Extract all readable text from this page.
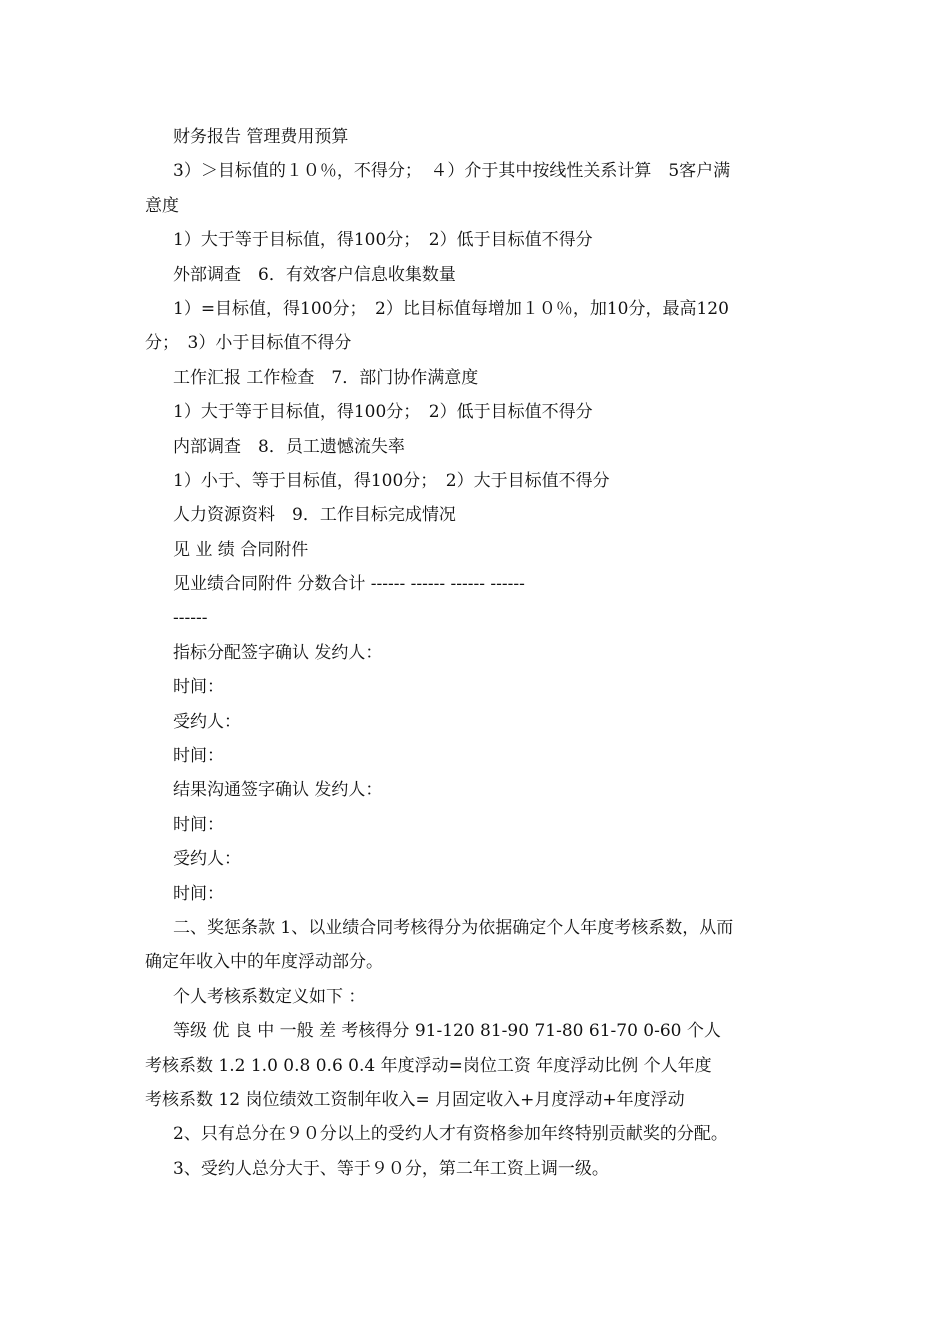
财务报告 管理费用预算
3）＞目标值的１０％，不得分；　４）介于其中按线性关系计算　5客户满
意度
1）大于等于目标值，得100分；　2）低于目标值不得分
外部调查　6．有效客户信息收集数量
1）=目标值，得100分；　2）比目标值每增加１０％，加10分，最高120
分；　3）小于目标值不得分
工作汇报 工作检查　7．部门协作满意度
1）大于等于目标值，得100分；　2）低于目标值不得分
内部调查　8．员工遗憾流失率
1）小于、等于目标值，得100分；　2）大于目标值不得分
人力资源资料　9．工作目标完成情况
见 业 绩 合同附件
见业绩合同附件 分数合计 ------ ------ ------ ------
------
指标分配签字确认 发约人：
时间：
受约人：
时间：
结果沟通签字确认 发约人：
时间：
受约人：
时间：
二、奖惩条款 1、以业绩合同考核得分为依据确定个人年度考核系数，从而
确定年收入中的年度浮动部分。
个人考核系数定义如下 ：
等级 优 良 中 一般 差 考核得分 91-120 81-90 71-80 61-70 0-60 个人
考核系数 1.2 1.0 0.8 0.6 0.4 年度浮动=岗位工资 年度浮动比例 个人年度
考核系数 12 岗位绩效工资制年收入= 月固定收入+月度浮动+年度浮动
2、只有总分在９０分以上的受约人才有资格参加年终特别贡献奖的分配。
3、受约人总分大于、等于９０分，第二年工资上调一级。
